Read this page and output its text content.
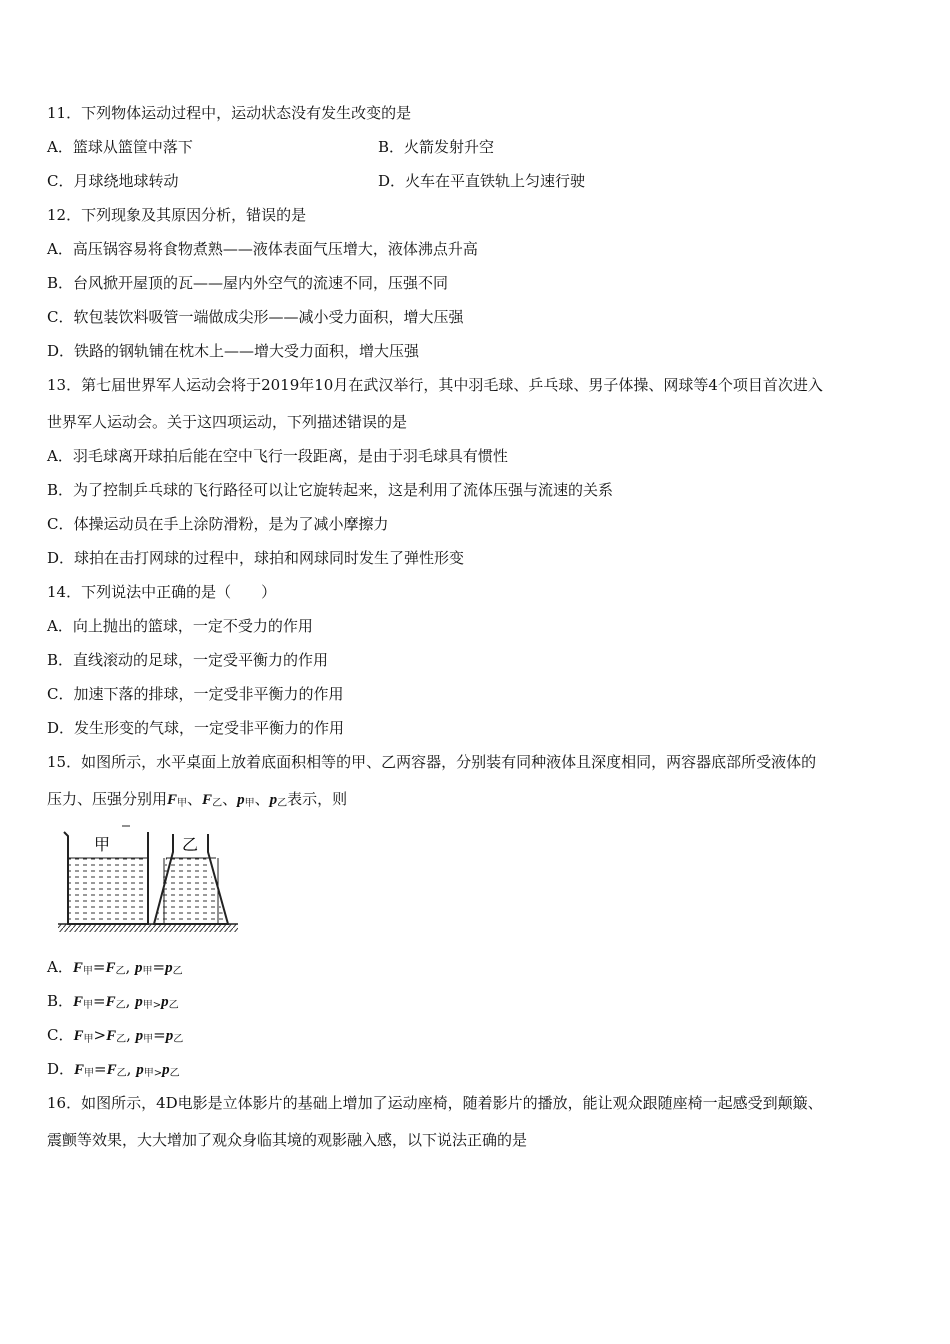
11．下列物体运动过程中，运动状态没有发生改变的是
A．篮球从篮筐中落下	B．火箭发射升空
C．月球绕地球转动	D．火车在平直铁轨上匀速行驶
12．下列现象及其原因分析，错误的是
A．高压锅容易将食物煮熟——液体表面气压增大，液体沸点升高
B．台风掀开屋顶的瓦——屋内外空气的流速不同，压强不同
C．软包装饮料吸管一端做成尖形——减小受力面积，增大压强
D．铁路的钢轨铺在枕木上——增大受力面积，增大压强
13．第七届世界军人运动会将于2019年10月在武汉举行，其中羽毛球、乒乓球、男子体操、网球等4个项目首次进入
世界军人运动会。关于这四项运动，下列描述错误的是
A．羽毛球离开球拍后能在空中飞行一段距离，是由于羽毛球具有惯性
B．为了控制乒乓球的飞行路径可以让它旋转起来，这是利用了流体压强与流速的关系
C．体操运动员在手上涂防滑粉，是为了减小摩擦力
D．球拍在击打网球的过程中，球拍和网球同时发生了弹性形变
14．下列说法中正确的是（　　）
A．向上抛出的篮球，一定不受力的作用
B．直线滚动的足球，一定受平衡力的作用
C．加速下落的排球，一定受非平衡力的作用
D．发生形变的气球，一定受非平衡力的作用
15．如图所示，水平桌面上放着底面积相等的甲、乙两容器，分别装有同种液体且深度相同，两容器底部所受液体的
压力、压强分别用$F_甲$、$F_乙$、$p_甲$、$p_乙$表示，则
甲	乙
A．$F_甲=F_乙$, $p_甲=p_乙$
B．$F_甲=F_乙$, $p_{甲>}p_乙$
C．$F_甲>F_乙$, $p_甲=p_乙$
D．$F_甲=F_乙$, $p_{甲>}p_乙$
16．如图所示，4D电影是立体影片的基础上增加了运动座椅，随着影片的播放，能让观众跟随座椅一起感受到颠簸、
震颤等效果，大大增加了观众身临其境的观影融入感，以下说法正确的是
